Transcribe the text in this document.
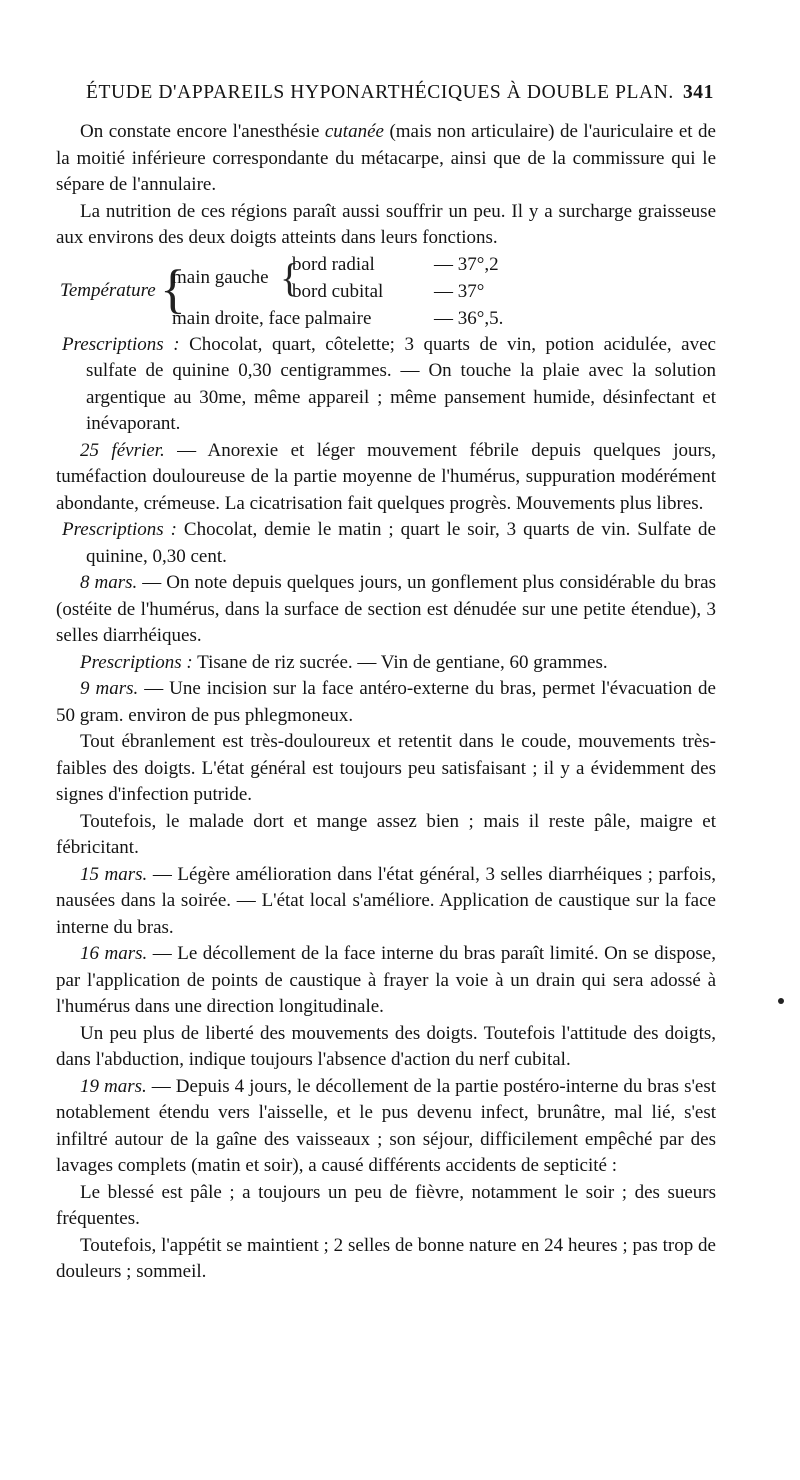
ÉTUDE D'APPAREILS HYPONARTHÉCIQUES À DOUBLE PLAN. 341

On constate encore l'anesthésie cutanée (mais non articulaire) de l'auriculaire et de la moitié inférieure correspondante du métacarpe, ainsi que de la commissure qui le sépare de l'annulaire.

La nutrition de ces régions paraît aussi souffrir un peu. Il y a surcharge graisseuse aux environs des deux doigts atteints dans leurs fonctions.

Température {
main gauche {
bord radial	— 37°,2
bord cubital	— 37°
main droite, face palmaire	— 36°,5.

Prescriptions : Chocolat, quart, côtelette; 3 quarts de vin, potion acidulée, avec sulfate de quinine 0,30 centigrammes. — On touche la plaie avec la solution argentique au 30me, même appareil ; même pansement humide, désinfectant et inévaporant.

25 février. — Anorexie et léger mouvement fébrile depuis quelques jours, tuméfaction douloureuse de la partie moyenne de l'humérus, suppuration modérément abondante, crémeuse. La cicatrisation fait quelques progrès. Mouvements plus libres.

Prescriptions : Chocolat, demie le matin ; quart le soir, 3 quarts de vin. Sulfate de quinine, 0,30 cent.

8 mars. — On note depuis quelques jours, un gonflement plus considérable du bras (ostéite de l'humérus, dans la surface de section est dénudée sur une petite étendue), 3 selles diarrhéiques.

Prescriptions : Tisane de riz sucrée. — Vin de gentiane, 60 grammes.

9 mars. — Une incision sur la face antéro-externe du bras, permet l'évacuation de 50 gram. environ de pus phlegmoneux.

Tout ébranlement est très-douloureux et retentit dans le coude, mouvements très-faibles des doigts. L'état général est toujours peu satisfaisant ; il y a évidemment des signes d'infection putride.

Toutefois, le malade dort et mange assez bien ; mais il reste pâle, maigre et fébricitant.

15 mars. — Légère amélioration dans l'état général, 3 selles diarrhéiques ; parfois, nausées dans la soirée. — L'état local s'améliore. Application de caustique sur la face interne du bras.

16 mars. — Le décollement de la face interne du bras paraît limité. On se dispose, par l'application de points de caustique à frayer la voie à un drain qui sera adossé à l'humérus dans une direction longitudinale.

Un peu plus de liberté des mouvements des doigts. Toutefois l'attitude des doigts, dans l'abduction, indique toujours l'absence d'action du nerf cubital.

19 mars. — Depuis 4 jours, le décollement de la partie postéro-interne du bras s'est notablement étendu vers l'aisselle, et le pus devenu infect, brunâtre, mal lié, s'est infiltré autour de la gaîne des vaisseaux ; son séjour, difficilement empêché par des lavages complets (matin et soir), a causé différents accidents de septicité :

Le blessé est pâle ; a toujours un peu de fièvre, notamment le soir ; des sueurs fréquentes.

Toutefois, l'appétit se maintient ; 2 selles de bonne nature en 24 heures ; pas trop de douleurs ; sommeil.
